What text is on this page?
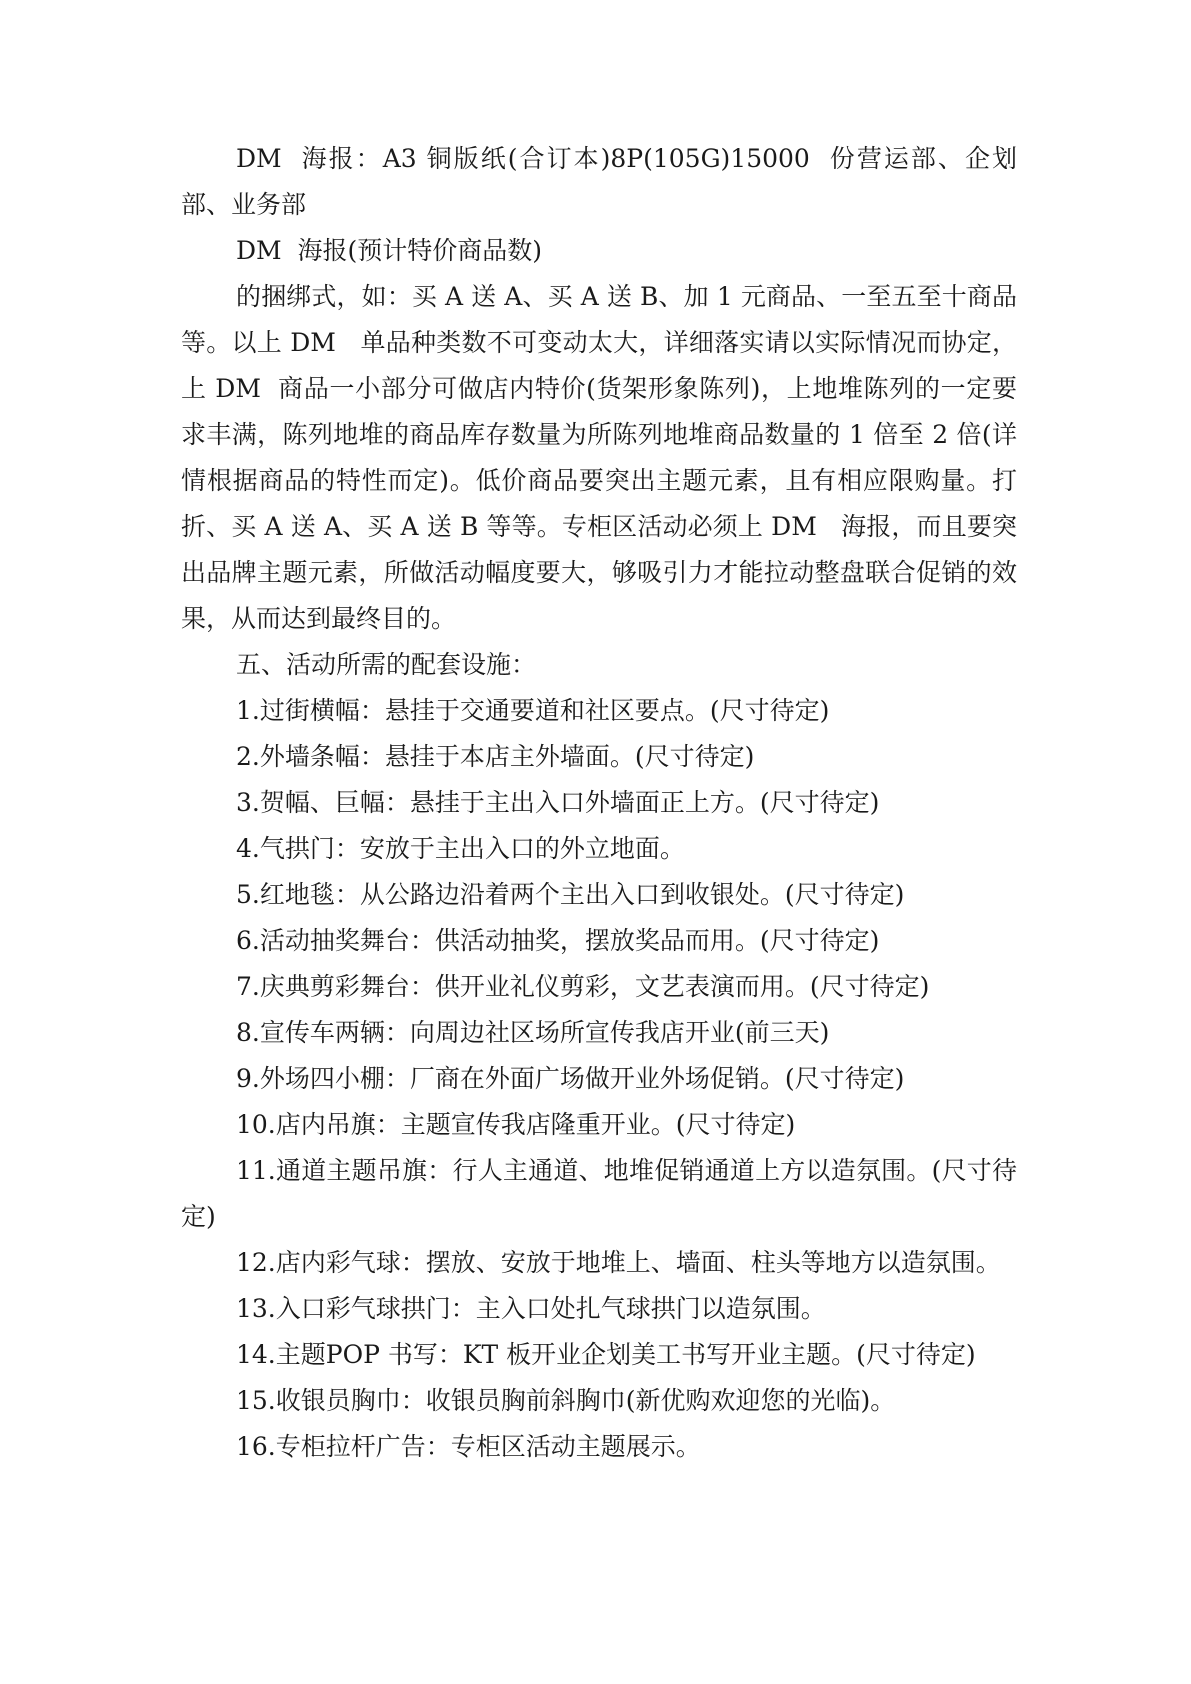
DM  海报：A3 铜版纸(合订本)8P(105G)15000  份营运部、企划部、业务部

DM  海报(预计特价商品数)

的捆绑式，如：买 A 送 A、买 A 送 B、加 1 元商品、一至五至十商品等。以上 DM   单品种类数不可变动太大，详细落实请以实际情况而协定，上 DM  商品一小部分可做店内特价(货架形象陈列)，上地堆陈列的一定要求丰满，陈列地堆的商品库存数量为所陈列地堆商品数量的 1 倍至 2 倍(详情根据商品的特性而定)。低价商品要突出主题元素，且有相应限购量。打折、买 A 送 A、买 A 送 B 等等。专柜区活动必须上 DM   海报，而且要突出品牌主题元素，所做活动幅度要大，够吸引力才能拉动整盘联合促销的效果，从而达到最终目的。

五、活动所需的配套设施：

1.过街横幅：悬挂于交通要道和社区要点。(尺寸待定)

2.外墙条幅：悬挂于本店主外墙面。(尺寸待定)

3.贺幅、巨幅：悬挂于主出入口外墙面正上方。(尺寸待定)

4.气拱门：安放于主出入口的外立地面。

5.红地毯：从公路边沿着两个主出入口到收银处。(尺寸待定)

6.活动抽奖舞台：供活动抽奖，摆放奖品而用。(尺寸待定)

7.庆典剪彩舞台：供开业礼仪剪彩，文艺表演而用。(尺寸待定)

8.宣传车两辆：向周边社区场所宣传我店开业(前三天)

9.外场四小棚：厂商在外面广场做开业外场促销。(尺寸待定)

10.店内吊旗：主题宣传我店隆重开业。(尺寸待定)

11.通道主题吊旗：行人主通道、地堆促销通道上方以造氛围。(尺寸待定)

12.店内彩气球：摆放、安放于地堆上、墙面、柱头等地方以造氛围。

13.入口彩气球拱门：主入口处扎气球拱门以造氛围。

14.主题POP 书写：KT 板开业企划美工书写开业主题。(尺寸待定)

15.收银员胸巾：收银员胸前斜胸巾(新优购欢迎您的光临)。

16.专柜拉杆广告：专柜区活动主题展示。
